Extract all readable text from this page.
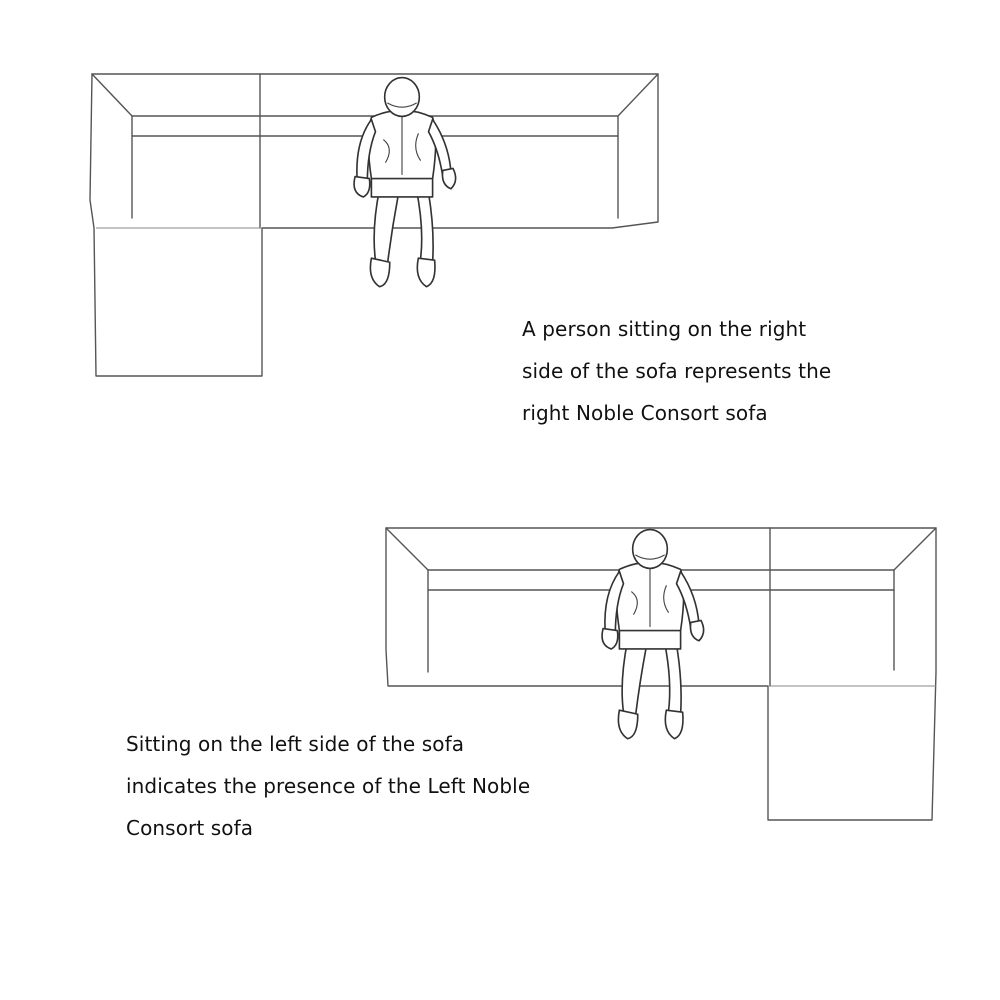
A person sitting on the right
side of the sofa represents the
right Noble Consort sofa
Sitting on the left side of the sofa
indicates the presence of the Left Noble
Consort sofa
